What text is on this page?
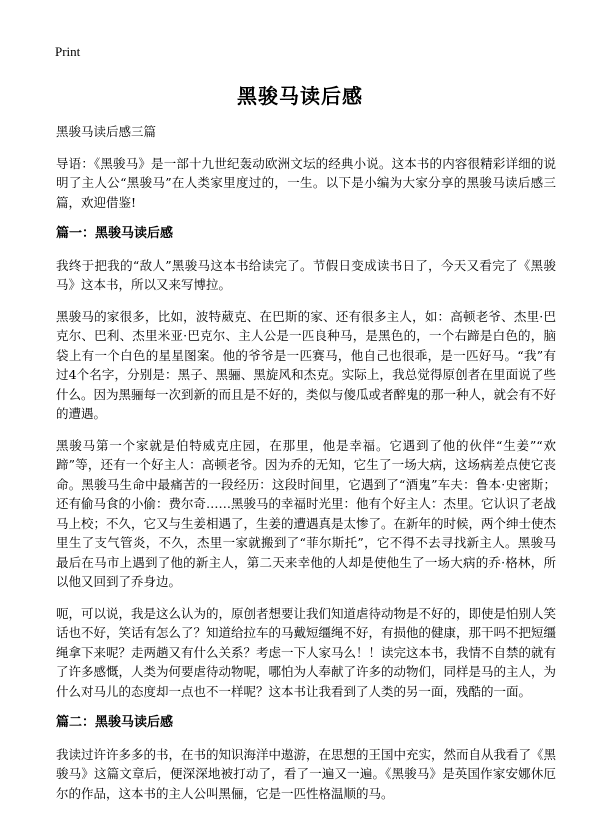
Print
黑骏马读后感
黑骏马读后感三篇

导语：《黑骏马》是一部十九世纪轰动欧洲文坛的经典小说。这本书的内容很精彩详细的说明了主人公“黑骏马”在人类家里度过的，一生。以下是小编为大家分享的黑骏马读后感三篇，欢迎借鉴!

篇一：黑骏马读后感

我终于把我的“敌人”黑骏马这本书给读完了。节假日变成读书日了，今天又看完了《黑骏马》这本书，所以又来写博拉。

黑骏马的家很多，比如，波特葳克、在巴斯的家、还有很多主人，如：高顿老爷、杰里·巴克尔、巴利、杰里米亚·巴克尔、主人公是一匹良种马，是黑色的，一个右蹄是白色的，脑袋上有一个白色的星星图案。他的爷爷是一匹赛马，他自己也很乖，是一匹好马。“我”有过4个名字，分别是：黑子、黑骊、黑旋风和杰克。实际上，我总觉得原创者在里面说了些什么。因为黑骊每一次到新的而且是不好的，类似与傻瓜或者醉鬼的那一种人，就会有不好的遭遇。

黑骏马第一个家就是伯特威克庄园，在那里，他是幸福。它遇到了他的伙伴“生姜”“欢蹄”等，还有一个好主人：高顿老爷。因为乔的无知，它生了一场大病，这场病差点使它丧命。黑骏马生命中最痛苦的一段经历：这段时间里，它遇到了“酒鬼”车夫：鲁本·史密斯；还有偷马食的小偷：费尔奇……黑骏马的幸福时光里：他有个好主人：杰里。它认识了老战马上校；不久，它又与生姜相遇了，生姜的遭遇真是太惨了。在新年的时候，两个绅士使杰里生了支气管炎，不久，杰里一家就搬到了“菲尔斯托”，它不得不去寻找新主人。黑骏马最后在马市上遇到了他的新主人，第二天来幸他的人却是使他生了一场大病的乔·格林，所以他又回到了乔身边。

呃，可以说，我是这么认为的，原创者想要让我们知道虐待动物是不好的，即使是怕别人笑话也不好，笑话有怎么了？知道给拉车的马戴短缰绳不好，有损他的健康，那干吗不把短缰绳拿下来呢？走两趟又有什么关系？考虑一下人家马么！！读完这本书，我情不自禁的就有了许多感慨，人类为何要虐待动物呢，哪怕为人奉献了许多的动物们，同样是马的主人，为什么对马儿的态度却一点也不一样呢？这本书让我看到了人类的另一面，残酷的一面。

篇二：黑骏马读后感

我读过许许多多的书，在书的知识海洋中遨游，在思想的王国中充实，然而自从我看了《黑骏马》这篇文章后，便深深地被打动了，看了一遍又一遍。《黑骏马》是英国作家安娜休厄尔的作品，这本书的主人公叫黑俪，它是一匹性格温顺的马。
